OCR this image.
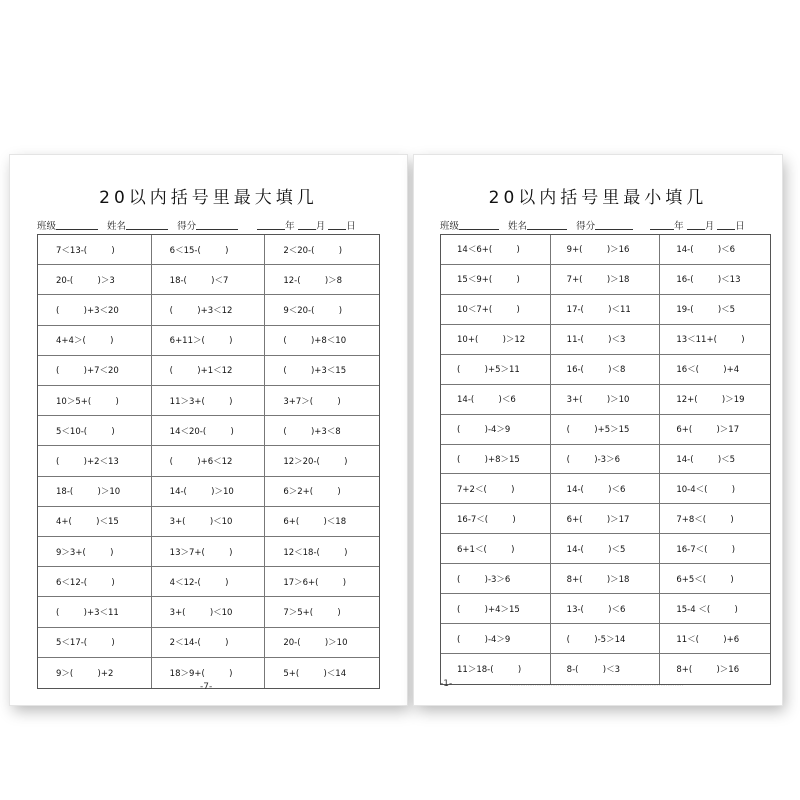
20以内括号里最大填几
班级	姓名	得分	年 月 日
7＜13-(         )	6＜15-(         )	2＜20-(         )
20-(         )＞3	18-(         )＜7	12-(         )＞8
(         )+3＜20	(         )+3＜12	9＜20-(         )
4+4＞(         )	6+11＞(         )	(         )+8＜10
(         )+7＜20	(         )+1＜12	(         )+3＜15
10＞5+(         )	11＞3+(         )	3+7＞(         )
5＜10-(         )	14＜20-(         )	(         )+3＜8
(         )+2＜13	(         )+6＜12	12＞20-(         )
18-(         )＞10	14-(         )＞10	6＞2+(         )
4+(         )＜15	3+(         )＜10	6+(         )＜18
9＞3+(         )	13＞7+(         )	12＜18-(         )
6＜12-(         )	4＜12-(         )	17＞6+(         )
(         )+3＜11	3+(         )＜10	7＞5+(         )
5＜17-(         )	2＜14-(         )	20-(         )＞10
9＞(         )+2	18＞9+(         )	5+(         )＜14
-7-
20以内括号里最小填几
班级	姓名	得分	年 月 日
14＜6+(         )	9+(         )＞16	14-(         )＜6
15＜9+(         )	7+(         )＞18	16-(         )＜13
10＜7+(         )	17-(         )＜11	19-(         )＜5
10+(         )＞12	11-(         )＜3	13＜11+(         )
(         )+5＞11	16-(         )＜8	16＜(         )+4
14-(         )＜6	3+(         )＞10	12+(         )＞19
(         )-4＞9	(         )+5＞15	6+(         )＞17
(         )+8＞15	(         )-3＞6	14-(         )＜5
7+2＜(         )	14-(         )＜6	10-4＜(         )
16-7＜(         )	6+(         )＞17	7+8＜(         )
6+1＜(         )	14-(         )＜5	16-7＜(         )
(         )-3＞6	8+(         )＞18	6+5＜(         )
(         )+4＞15	13-(         )＜6	15-4 ＜(         )
(         )-4＞9	(         )-5＞14	11＜(         )+6
11＞18-(         )	8-(         )＜3	8+(         )＞16
-1-	··································································································
